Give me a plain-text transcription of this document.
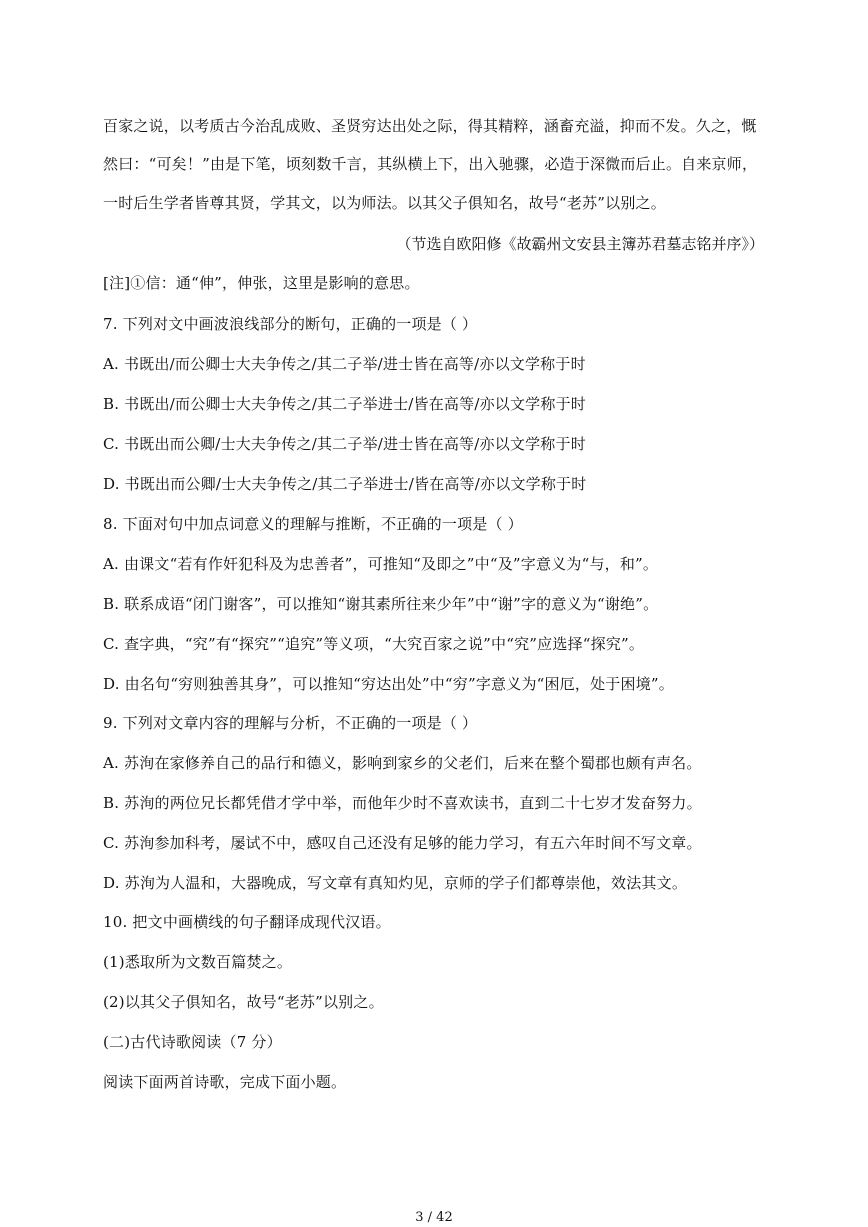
百家之说，以考质古今治乱成败、圣贤穷达出处之际，得其精粹，涵畜充溢，抑而不发。久之，慨
然曰：“可矣！”由是下笔，顷刻数千言，其纵横上下，出入驰骤，必造于深微而后止。自来京师，
一时后生学者皆尊其贤，学其文，以为师法。以其父子俱知名，故号“老苏”以别之。
（节选自欧阳修《故霸州文安县主簿苏君墓志铭并序》）
[注]①信：通“伸”，伸张，这里是影响的意思。
7. 下列对文中画波浪线部分的断句，正确的一项是（ ）
A. 书既出/而公卿士大夫争传之/其二子举/进士皆在高等/亦以文学称于时
B. 书既出/而公卿士大夫争传之/其二子举进士/皆在高等/亦以文学称于时
C. 书既出而公卿/士大夫争传之/其二子举/进士皆在高等/亦以文学称于时
D. 书既出而公卿/士大夫争传之/其二子举进士/皆在高等/亦以文学称于时
8. 下面对句中加点词意义的理解与推断，不正确的一项是（ ）
A. 由课文“若有作奸犯科及为忠善者”，可推知“及即之”中“及”字意义为“与，和”。
B. 联系成语“闭门谢客”，可以推知“谢其素所往来少年”中“谢”字的意义为“谢绝”。
C. 查字典，“究”有“探究”“追究”等义项，“大究百家之说”中“究”应选择“探究”。
D. 由名句“穷则独善其身”，可以推知“穷达出处”中“穷”字意义为“困厄，处于困境”。
9. 下列对文章内容的理解与分析，不正确的一项是（ ）
A. 苏洵在家修养自己的品行和德义，影响到家乡的父老们，后来在整个蜀郡也颇有声名。
B. 苏洵的两位兄长都凭借才学中举，而他年少时不喜欢读书，直到二十七岁才发奋努力。
C. 苏洵参加科考，屡试不中，感叹自己还没有足够的能力学习，有五六年时间不写文章。
D. 苏洵为人温和，大器晚成，写文章有真知灼见，京师的学子们都尊崇他，效法其文。
10. 把文中画横线的句子翻译成现代汉语。
(1)悉取所为文数百篇焚之。
(2)以其父子俱知名，故号“老苏”以别之。
(二)古代诗歌阅读（7 分）
阅读下面两首诗歌，完成下面小题。
3 / 42
